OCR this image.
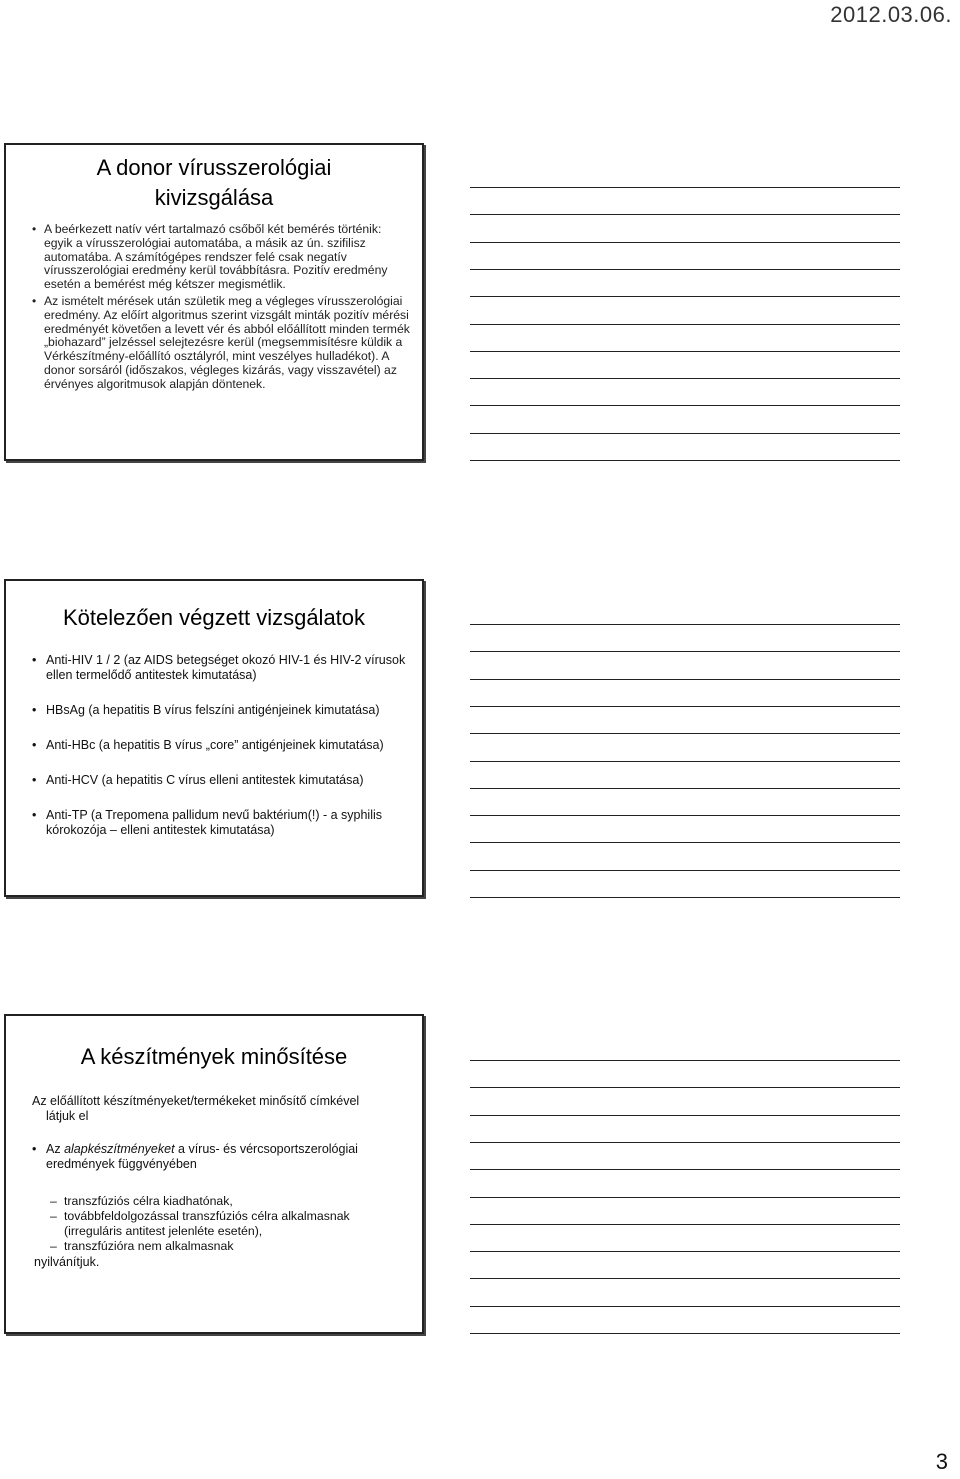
2012.03.06.
A donor vírusszerológiai
kivizsgálása
• A beérkezett natív vért tartalmazó csőből két bemérés történik: egyik a vírusszerológiai automatába, a másik az ún. szifilisz automatába. A számítógépes rendszer felé csak negatív vírusszerológiai eredmény kerül továbbításra. Pozitív eredmény esetén a bemérést még kétszer megismétlik.
• Az ismételt mérések után születik meg a végleges vírusszerológiai eredmény. Az előírt algoritmus szerint vizsgált minták pozitív mérési eredményét követően a levett vér és abból előállított minden termék „biohazard” jelzéssel selejtezésre kerül (megsemmisítésre küldik a Vérkészítmény-előállító osztályról, mint veszélyes hulladékot). A donor sorsáról (időszakos, végleges kizárás, vagy visszavétel) az érvényes algoritmusok alapján döntenek.
Kötelezően végzett vizsgálatok
• Anti-HIV 1 / 2 (az AIDS betegséget okozó HIV-1 és HIV-2 vírusok ellen termelődő antitestek kimutatása)
• HBsAg (a hepatitis B vírus felszíni antigénjeinek kimutatása)
• Anti-HBc (a hepatitis B vírus „core” antigénjeinek kimutatása)
• Anti-HCV (a hepatitis C vírus elleni antitestek kimutatása)
• Anti-TP (a Trepomena pallidum nevű baktérium(!) - a syphilis kórokozója – elleni antitestek kimutatása)
A készítmények minősítése
Az előállított készítményeket/termékeket minősítő címkével
látjuk el
• Az alapkészítményeket a vírus- és vércsoportszerológiai eredmények függvényében
– transzfúziós célra kiadhatónak,
– továbbfeldolgozással transzfúziós célra alkalmasnak (irreguláris antitest jelenléte esetén),
– transzfúzióra nem alkalmasnak
nyilvánítjuk.
3
